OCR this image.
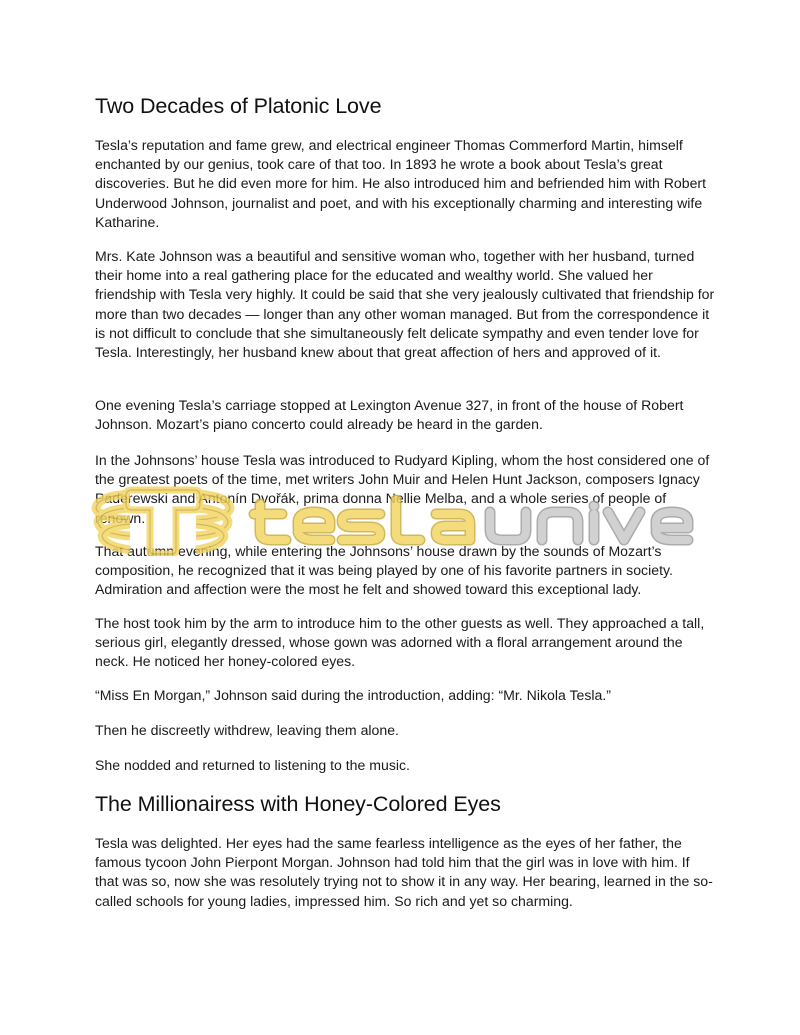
Two Decades of Platonic Love

Tesla’s reputation and fame grew, and electrical engineer Thomas Commerford Martin, himself enchanted by our genius, took care of that too. In 1893 he wrote a book about Tesla’s great discoveries. But he did even more for him. He also introduced him and befriended him with Robert Underwood Johnson, journalist and poet, and with his exceptionally charming and interesting wife Katharine.

Mrs. Kate Johnson was a beautiful and sensitive woman who, together with her husband, turned their home into a real gathering place for the educated and wealthy world. She valued her friendship with Tesla very highly. It could be said that she very jealously cultivated that friendship for more than two decades — longer than any other woman managed. But from the correspondence it is not difficult to conclude that she simultaneously felt delicate sympathy and even tender love for Tesla. Interestingly, her husband knew about that great affection of hers and approved of it.

One evening Tesla’s carriage stopped at Lexington Avenue 327, in front of the house of Robert Johnson. Mozart’s piano concerto could already be heard in the garden.

In the Johnsons’ house Tesla was introduced to Rudyard Kipling, whom the host considered one of the greatest poets of the time, met writers John Muir and Helen Hunt Jackson, composers Ignacy Paderewski and Antonín Dvořák, prima donna Nellie Melba, and a whole series of people of renown.

That autumn evening, while entering the Johnsons’ house drawn by the sounds of Mozart’s composition, he recognized that it was being played by one of his favorite partners in society. Admiration and affection were the most he felt and showed toward this exceptional lady.

The host took him by the arm to introduce him to the other guests as well. They approached a tall, serious girl, elegantly dressed, whose gown was adorned with a floral arrangement around the neck. He noticed her honey-colored eyes.

“Miss En Morgan,” Johnson said during the introduction, adding: “Mr. Nikola Tesla.”

Then he discreetly withdrew, leaving them alone.

She nodded and returned to listening to the music.

The Millionairess with Honey-Colored Eyes

Tesla was delighted. Her eyes had the same fearless intelligence as the eyes of her father, the famous tycoon John Pierpont Morgan. Johnson had told him that the girl was in love with him. If that was so, now she was resolutely trying not to show it in any way. Her bearing, learned in the so-called schools for young ladies, impressed him. So rich and yet so charming.
